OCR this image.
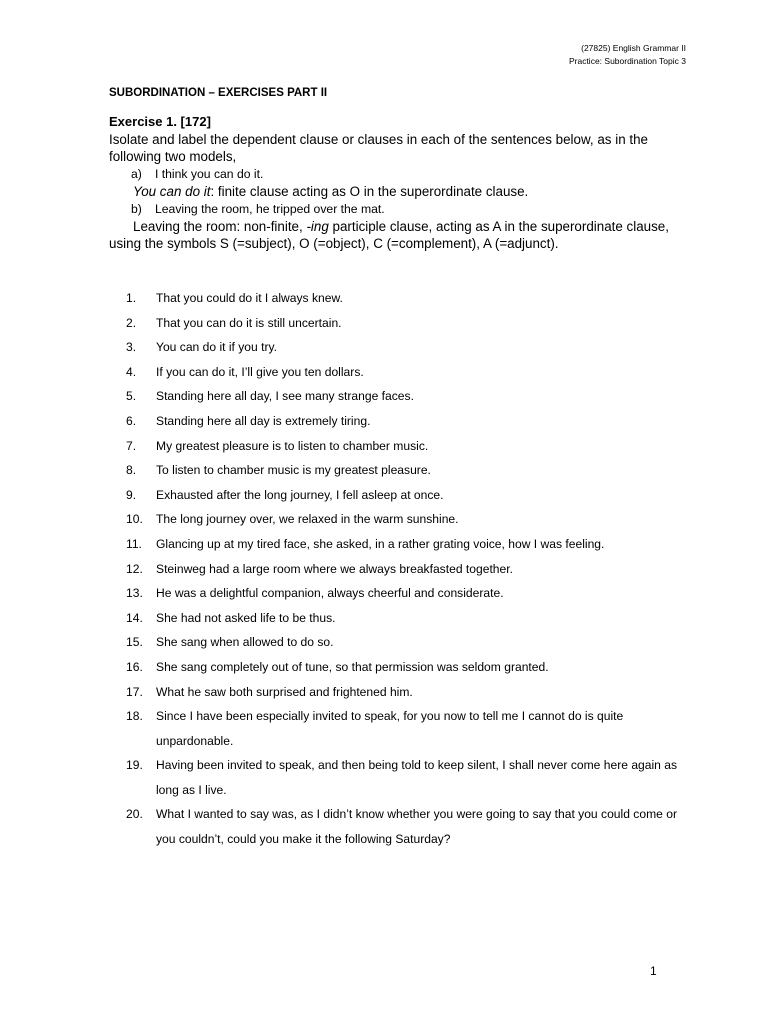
(27825) English Grammar II
Practice: Subordination Topic 3
SUBORDINATION – EXERCISES PART II
Exercise 1. [172]

Isolate and label the dependent clause or clauses in each of the sentences below, as in the following two models,

a)	I think you can do it.
You can do it: finite clause acting as O in the superordinate clause.
b)	Leaving the room, he tripped over the mat.
Leaving the room: non-finite, -ing participle clause, acting as A in the superordinate clause,

using the symbols S (=subject), O (=object), C (=complement), A (=adjunct).

1.	That you could do it I always knew.
2.	That you can do it is still uncertain.
3.	You can do it if you try.
4.	If you can do it, I’ll give you ten dollars.
5.	Standing here all day, I see many strange faces.
6.	Standing here all day is extremely tiring.
7.	My greatest pleasure is to listen to chamber music.
8.	To listen to chamber music is my greatest pleasure.
9.	Exhausted after the long journey, I fell asleep at once.
10.	The long journey over, we relaxed in the warm sunshine.
11.	Glancing up at my tired face, she asked, in a rather grating voice, how I was feeling.
12.	Steinweg had a large room where we always breakfasted together.
13.	He was a delightful companion, always cheerful and considerate.
14.	She had not asked life to be thus.
15.	She sang when allowed to do so.
16.	She sang completely out of tune, so that permission was seldom granted.
17.	What he saw both surprised and frightened him.
18.	Since I have been especially invited to speak, for you now to tell me I cannot do is quite unpardonable.
19.	Having been invited to speak, and then being told to keep silent, I shall never come here again as long as I live.
20.	What I wanted to say was, as I didn’t know whether you were going to say that you could come or you couldn’t, could you make it the following Saturday?
1
